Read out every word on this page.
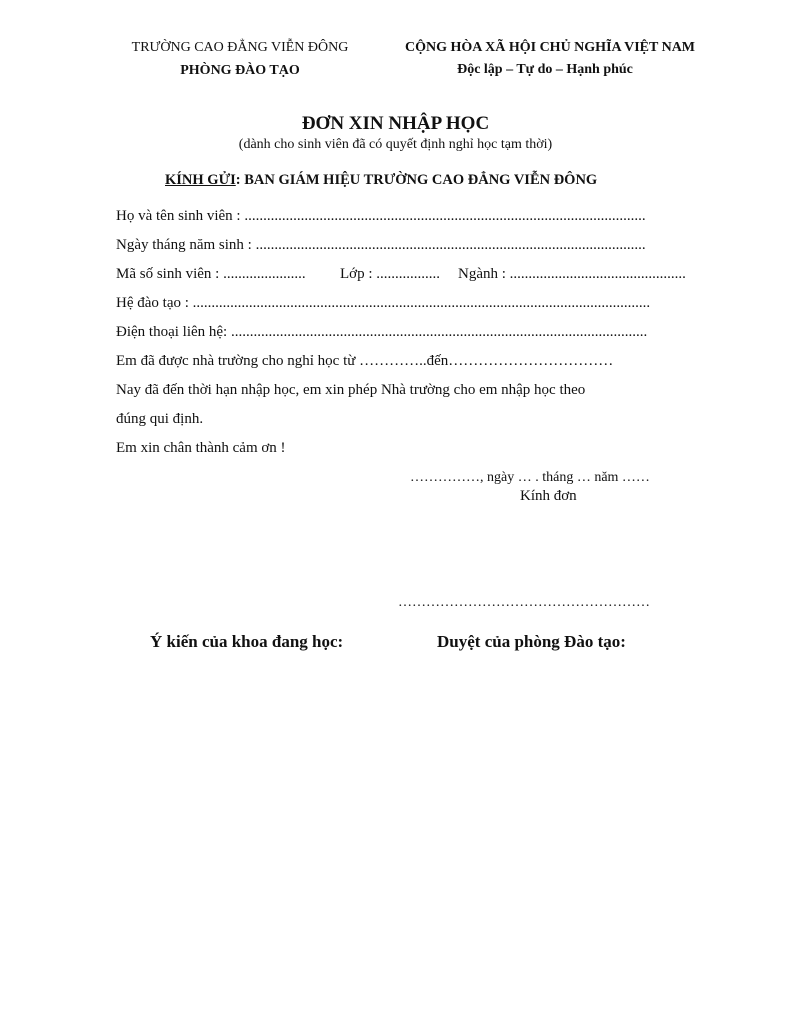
TRƯỜNG CAO ĐẲNG VIỄN ĐÔNG
PHÒNG ĐÀO TẠO
CỘNG HÒA XÃ HỘI CHỦ NGHĨA VIỆT NAM
Độc lập – Tự do – Hạnh phúc
ĐƠN XIN NHẬP HỌC
(dành cho sinh viên đã có quyết định nghỉ học tạm thời)
KÍNH GỬI: BAN GIÁM HIỆU TRƯỜNG CAO ĐẲNG VIỄN ĐÔNG
Họ và tên sinh viên : ...........................................................................................................
Ngày tháng năm sinh : ........................................................................................................
Mã số sinh viên : ...................... Lớp : ................. Ngành : ...............................................
Hệ đào tạo : ..........................................................................................................................
Điện thoại liên hệ: ...............................................................................................................
Em đã được nhà trường cho nghỉ học từ …………..đến……………………………
Nay đã đến thời hạn nhập học, em xin phép Nhà trường cho em nhập học theo
đúng qui định.
Em xin chân thành cảm ơn !
……………, ngày … . tháng … năm ……
Kính đơn
………………………………………………
Ý kiến của khoa đang học:	Duyệt của phòng Đào tạo:
